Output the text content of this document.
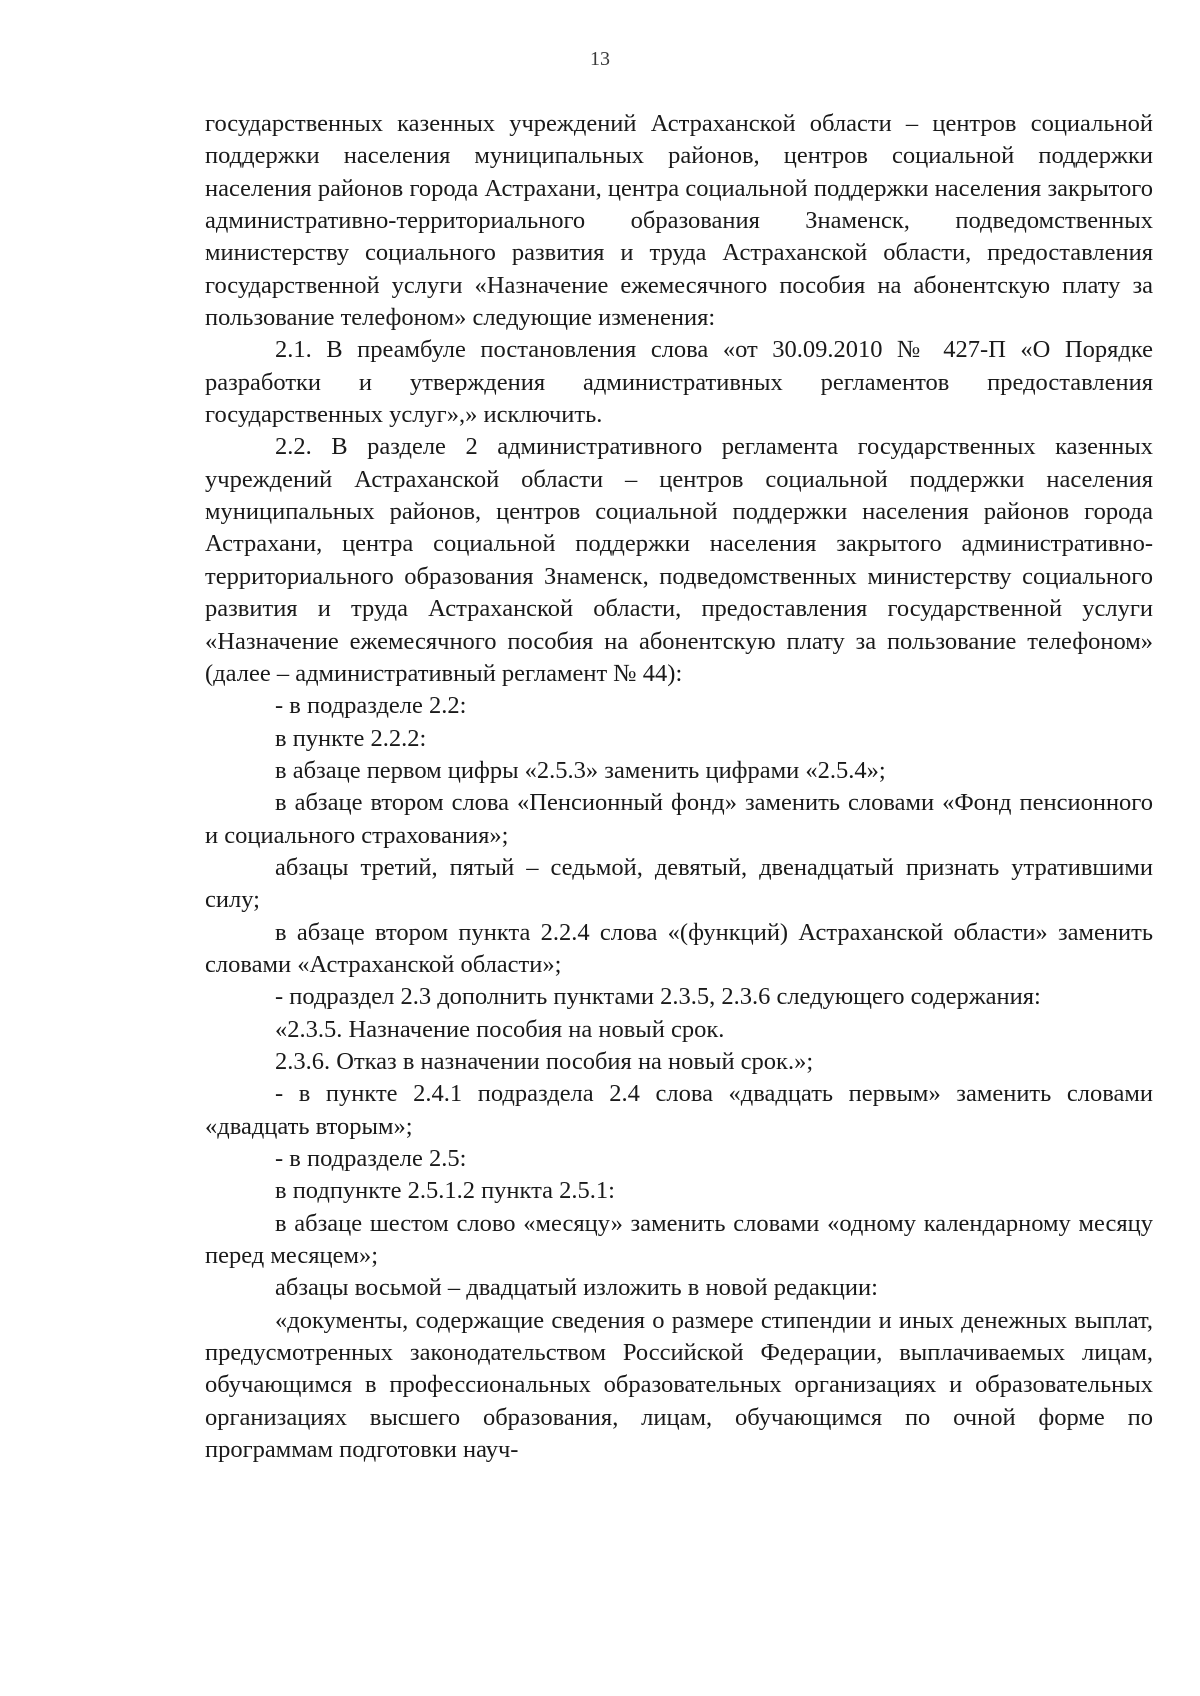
13

государственных казенных учреждений Астраханской области – центров социальной поддержки населения муниципальных районов, центров социальной поддержки населения районов города Астрахани, центра социальной поддержки населения закрытого административно-территориального образования Знаменск, подведомственных министерству социального развития и труда Астраханской области, предоставления государственной услуги «Назначение ежемесячного пособия на абонентскую плату за пользование телефоном» следующие изменения:

2.1. В преамбуле постановления слова «от 30.09.2010 № 427-П «О Порядке разработки и утверждения административных регламентов предоставления государственных услуг»,» исключить.

2.2. В разделе 2 административного регламента государственных казенных учреждений Астраханской области – центров социальной поддержки населения муниципальных районов, центров социальной поддержки населения районов города Астрахани, центра социальной поддержки населения закрытого административно-территориального образования Знаменск, подведомственных министерству социального развития и труда Астраханской области, предоставления государственной услуги «Назначение ежемесячного пособия на абонентскую плату за пользование телефоном» (далее – административный регламент № 44):

- в подразделе 2.2:

в пункте 2.2.2:

в абзаце первом цифры «2.5.3» заменить цифрами «2.5.4»;

в абзаце втором слова «Пенсионный фонд» заменить словами «Фонд пенсионного и социального страхования»;

абзацы третий, пятый – седьмой, девятый, двенадцатый признать утратившими силу;

в абзаце втором пункта 2.2.4 слова «(функций) Астраханской области» заменить словами «Астраханской области»;

- подраздел 2.3 дополнить пунктами 2.3.5, 2.3.6 следующего содержания:

«2.3.5. Назначение пособия на новый срок.

2.3.6. Отказ в назначении пособия на новый срок.»;

- в пункте 2.4.1 подраздела 2.4 слова «двадцать первым» заменить словами «двадцать вторым»;

- в подразделе 2.5:

в подпункте 2.5.1.2 пункта 2.5.1:

в абзаце шестом слово «месяцу» заменить словами «одному календарному месяцу перед месяцем»;

абзацы восьмой – двадцатый изложить в новой редакции:

«документы, содержащие сведения о размере стипендии и иных денежных выплат, предусмотренных законодательством Российской Федерации, выплачиваемых лицам, обучающимся в профессиональных образовательных организациях и образовательных организациях высшего образования, лицам, обучающимся по очной форме по программам подготовки науч-
